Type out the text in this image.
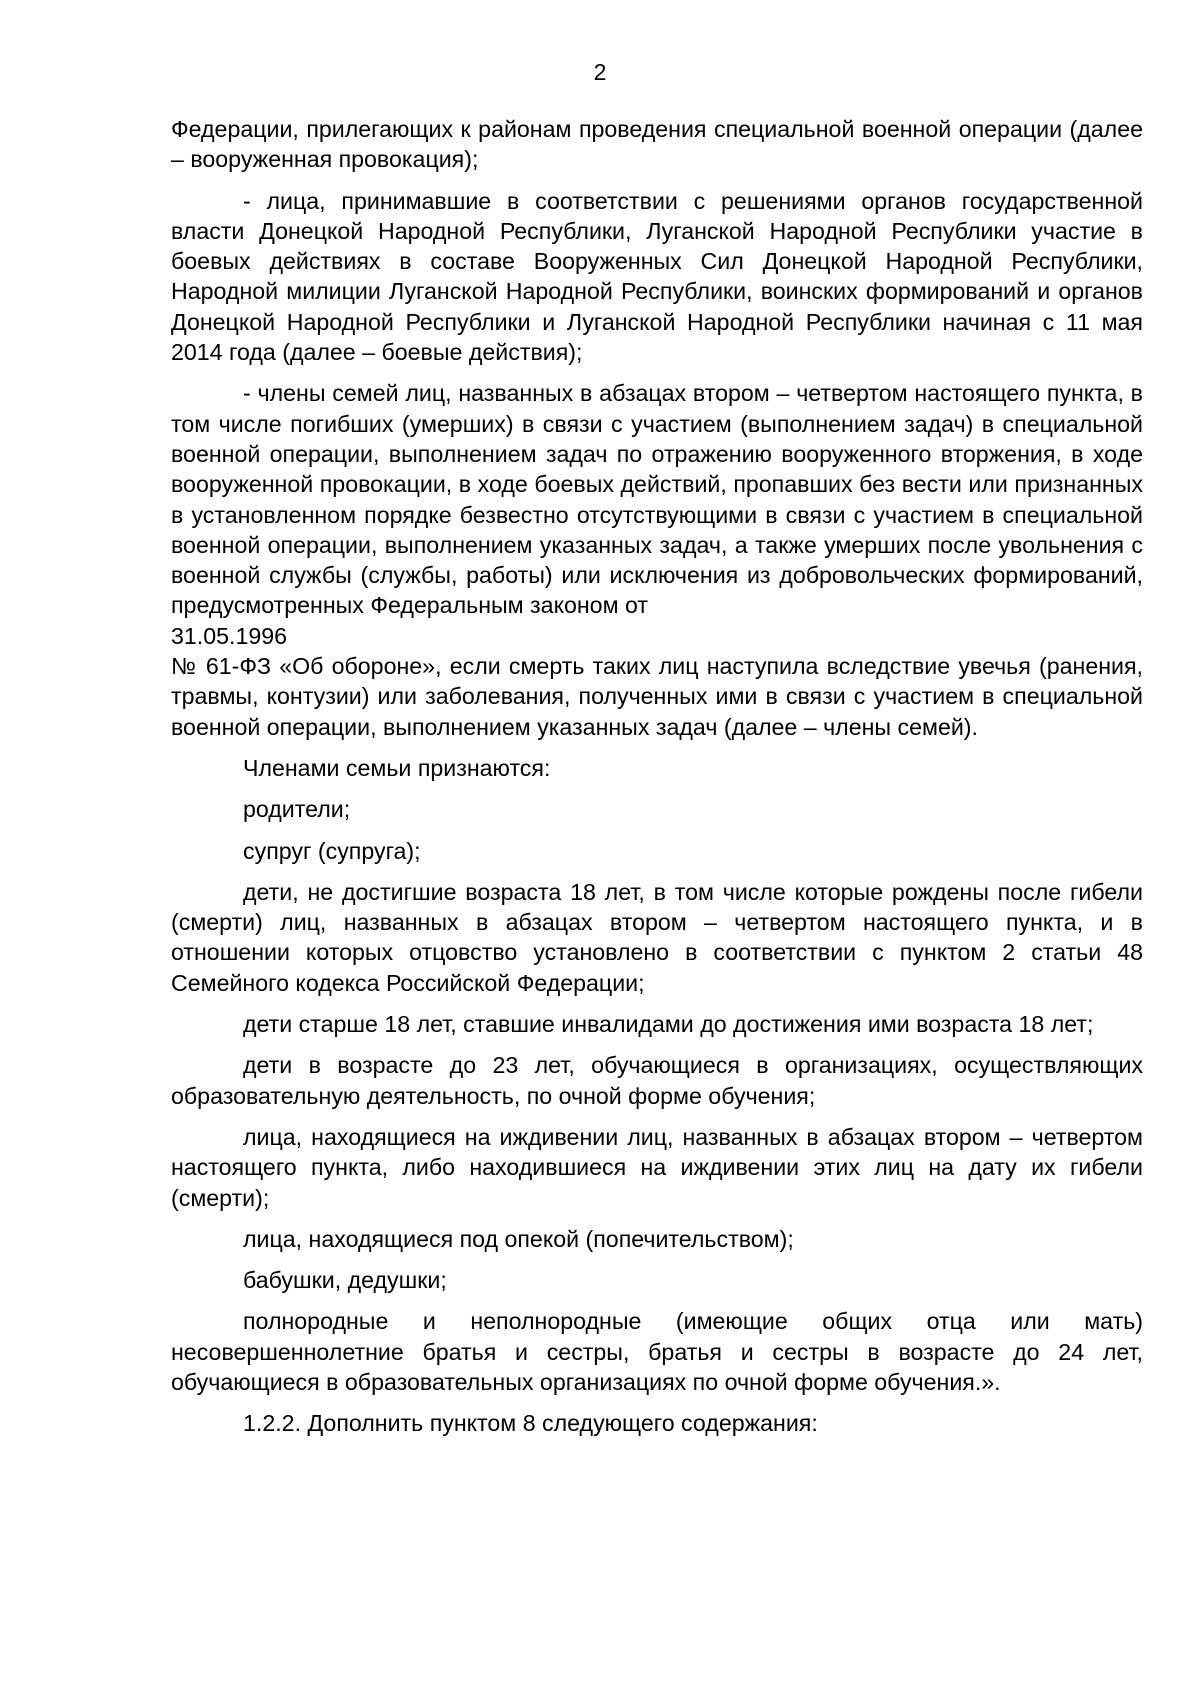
2

Федерации, прилегающих к районам проведения специальной военной операции (далее – вооруженная провокация);

- лица, принимавшие в соответствии с решениями органов государственной власти Донецкой Народной Республики, Луганской Народной Республики участие в боевых действиях в составе Вооруженных Сил Донецкой Народной Республики, Народной милиции Луганской Народной Республики, воинских формирований и органов Донецкой Народной Республики и Луганской Народной Республики начиная с 11 мая 2014 года (далее – боевые действия);

- члены семей лиц, названных в абзацах втором – четвертом настоящего пункта, в том числе погибших (умерших) в связи с участием (выполнением задач) в специальной военной операции, выполнением задач по отражению вооруженного вторжения, в ходе вооруженной провокации, в ходе боевых действий, пропавших без вести или признанных в установленном порядке безвестно отсутствующими в связи с участием в специальной военной операции, выполнением указанных задач, а также умерших после увольнения с военной службы (службы, работы) или исключения из добровольческих формирований, предусмотренных Федеральным законом от

31.05.1996

№ 61-ФЗ «Об обороне», если смерть таких лиц наступила вследствие увечья (ранения, травмы, контузии) или заболевания, полученных ими в связи с участием в специальной военной операции, выполнением указанных задач (далее – члены семей).

Членами семьи признаются:

родители;

супруг (супруга);

дети, не достигшие возраста 18 лет, в том числе которые рождены после гибели (смерти) лиц, названных в абзацах втором – четвертом настоящего пункта, и в отношении которых отцовство установлено в соответствии с пунктом 2 статьи 48 Семейного кодекса Российской Федерации;

дети старше 18 лет, ставшие инвалидами до достижения ими возраста 18 лет;

дети в возрасте до 23 лет, обучающиеся в организациях, осуществляющих образовательную деятельность, по очной форме обучения;

лица, находящиеся на иждивении лиц, названных в абзацах втором – четвертом настоящего пункта, либо находившиеся на иждивении этих лиц на дату их гибели (смерти);

лица, находящиеся под опекой (попечительством);

бабушки, дедушки;

полнородные и неполнородные (имеющие общих отца или мать) несовершеннолетние братья и сестры, братья и сестры в возрасте до 24 лет, обучающиеся в образовательных организациях по очной форме обучения.».

1.2.2. Дополнить пунктом 8 следующего содержания:
